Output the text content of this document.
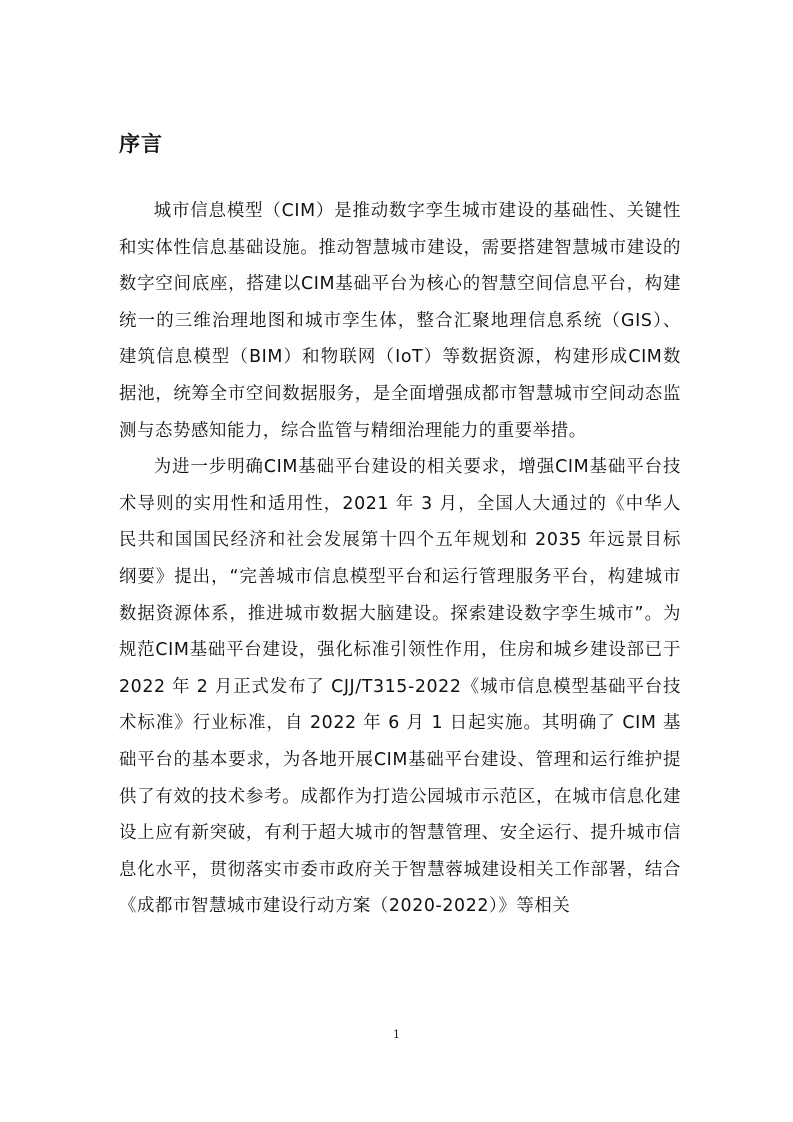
序言

城市信息模型（CIM）是推动数字孪生城市建设的基础性、关键性和实体性信息基础设施。推动智慧城市建设，需要搭建智慧城市建设的数字空间底座，搭建以CIM基础平台为核心的智慧空间信息平台，构建统一的三维治理地图和城市孪生体，整合汇聚地理信息系统（GIS）、建筑信息模型（BIM）和物联网（IoT）等数据资源，构建形成CIM数据池，统筹全市空间数据服务，是全面增强成都市智慧城市空间动态监测与态势感知能力，综合监管与精细治理能力的重要举措。

为进一步明确CIM基础平台建设的相关要求，增强CIM基础平台技术导则的实用性和适用性，2021 年 3 月，全国人大通过的《中华人民共和国国民经济和社会发展第十四个五年规划和 2035 年远景目标纲要》提出，“完善城市信息模型平台和运行管理服务平台，构建城市数据资源体系，推进城市数据大脑建设。探索建设数字孪生城市”。为规范CIM基础平台建设，强化标准引领性作用，住房和城乡建设部已于 2022 年 2 月正式发布了 CJJ/T315-2022《城市信息模型基础平台技术标准》行业标准，自 2022 年 6 月 1 日起实施。其明确了 CIM 基础平台的基本要求，为各地开展CIM基础平台建设、管理和运行维护提供了有效的技术参考。成都作为打造公园城市示范区，在城市信息化建设上应有新突破，有利于超大城市的智慧管理、安全运行、提升城市信息化水平，贯彻落实市委市政府关于智慧蓉城建设相关工作部署，结合《成都市智慧城市建设行动方案（2020-2022）》等相关

1
